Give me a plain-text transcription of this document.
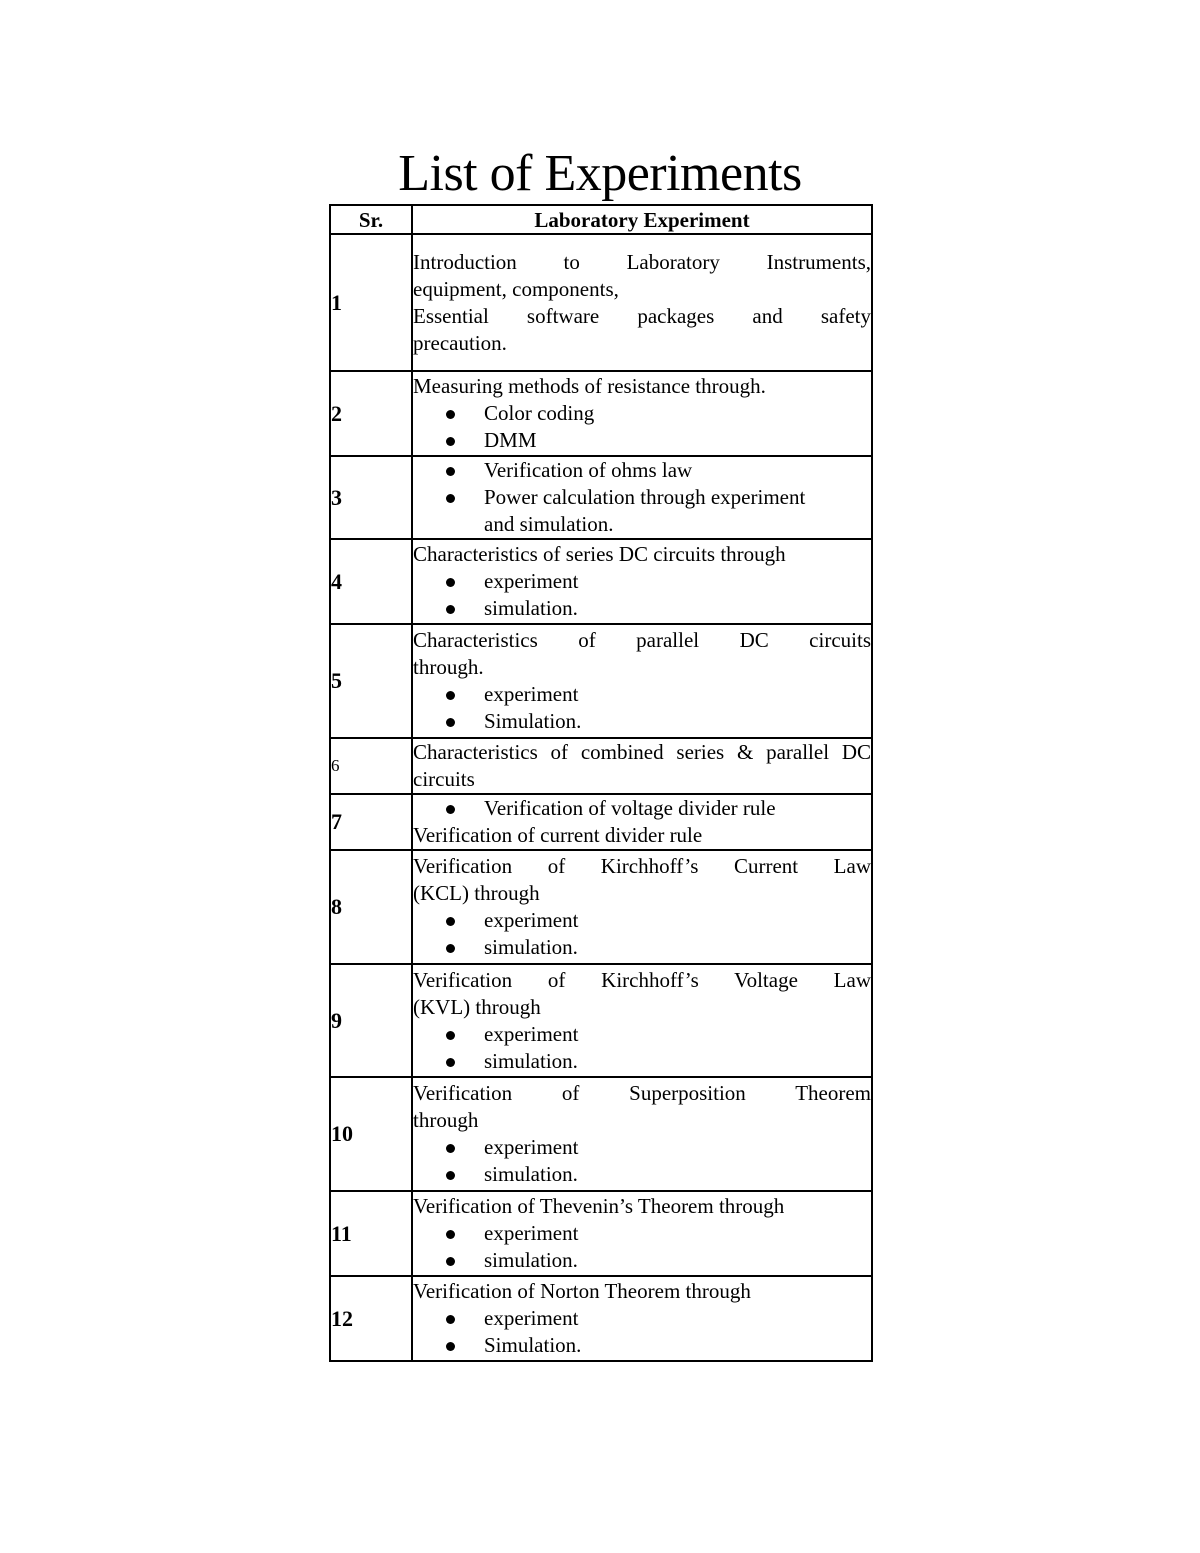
List of Experiments
Sr.	Laboratory Experiment
1	Introduction to Laboratory Instruments,
equipment, components,
Essential software packages and safety
precaution.

2	Measuring methods of resistance through.
Color coding
DMM

3	Verification of ohms law
Power calculation through experiment
and simulation.

4	Characteristics of series DC circuits through
experiment
simulation.

5	Characteristics of parallel DC circuits
through.
experiment
Simulation.

6	Characteristics of combined series & parallel DC
circuits

7	Verification of voltage divider rule
Verification of current divider rule

8	Verification of Kirchhoff’s Current Law
(KCL) through
experiment
simulation.

9	Verification of Kirchhoff’s Voltage Law
(KVL) through
experiment
simulation.

10	Verification of Superposition Theorem
through
experiment
simulation.

11	Verification of Thevenin’s Theorem through
experiment
simulation.

12	Verification of Norton Theorem through
experiment
Simulation.
